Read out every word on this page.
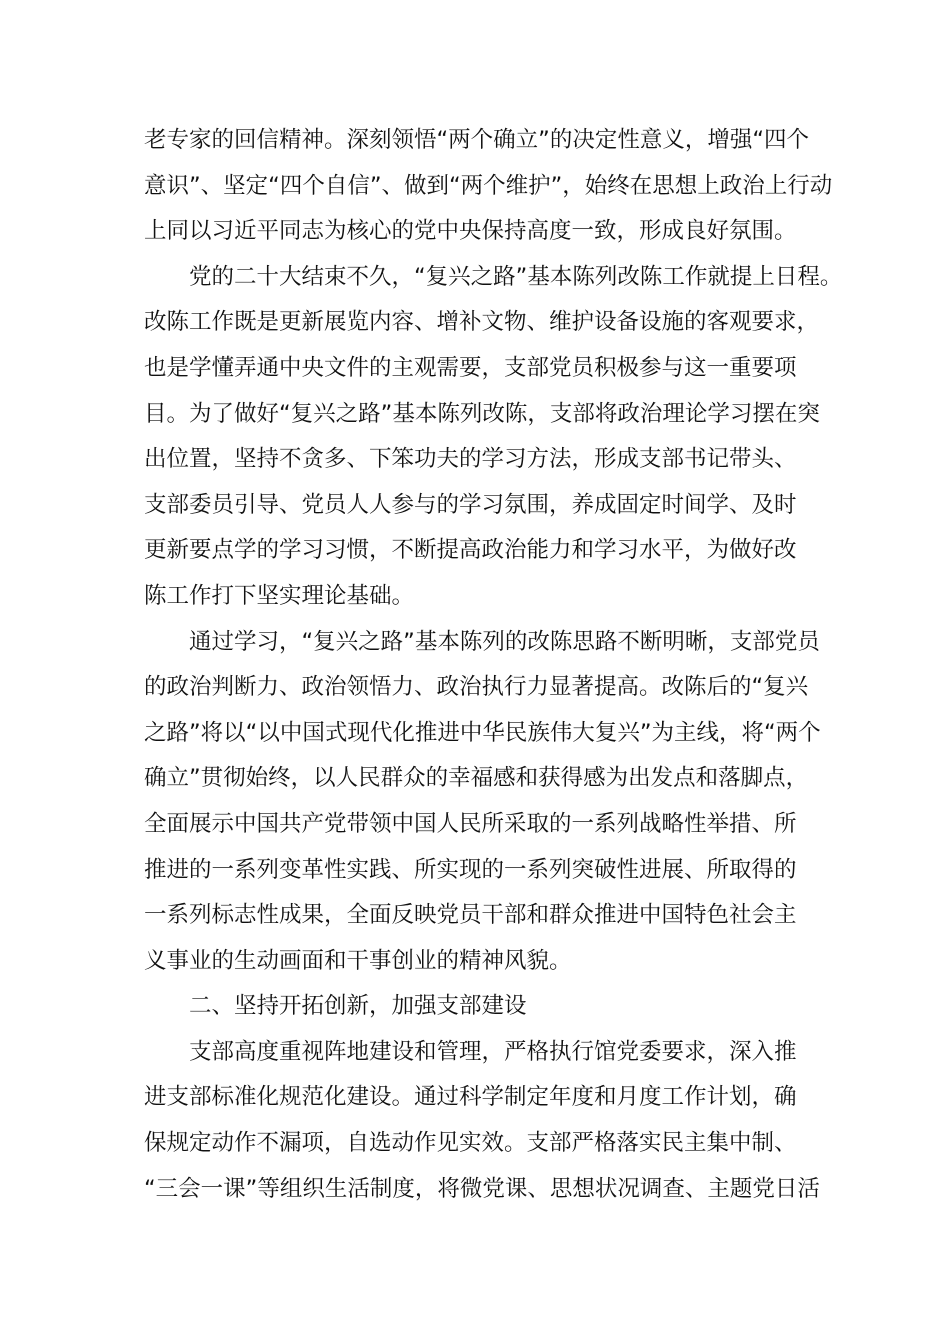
老专家的回信精神。深刻领悟“两个确立”的决定性意义，增强“四个
意识”、坚定“四个自信”、做到“两个维护”，始终在思想上政治上行动
上同以习近平同志为核心的党中央保持高度一致，形成良好氛围。
党的二十大结束不久，“复兴之路”基本陈列改陈工作就提上日程。
改陈工作既是更新展览内容、增补文物、维护设备设施的客观要求，
也是学懂弄通中央文件的主观需要，支部党员积极参与这一重要项
目。为了做好“复兴之路”基本陈列改陈，支部将政治理论学习摆在突
出位置，坚持不贪多、下笨功夫的学习方法，形成支部书记带头、
支部委员引导、党员人人参与的学习氛围，养成固定时间学、及时
更新要点学的学习习惯，不断提高政治能力和学习水平，为做好改
陈工作打下坚实理论基础。
通过学习，“复兴之路”基本陈列的改陈思路不断明晰，支部党员
的政治判断力、政治领悟力、政治执行力显著提高。改陈后的“复兴
之路”将以“以中国式现代化推进中华民族伟大复兴”为主线，将“两个
确立”贯彻始终，以人民群众的幸福感和获得感为出发点和落脚点，
全面展示中国共产党带领中国人民所采取的一系列战略性举措、所
推进的一系列变革性实践、所实现的一系列突破性进展、所取得的
一系列标志性成果，全面反映党员干部和群众推进中国特色社会主
义事业的生动画面和干事创业的精神风貌。
二、坚持开拓创新，加强支部建设
支部高度重视阵地建设和管理，严格执行馆党委要求，深入推
进支部标准化规范化建设。通过科学制定年度和月度工作计划，确
保规定动作不漏项，自选动作见实效。支部严格落实民主集中制、
“三会一课”等组织生活制度，将微党课、思想状况调查、主题党日活
